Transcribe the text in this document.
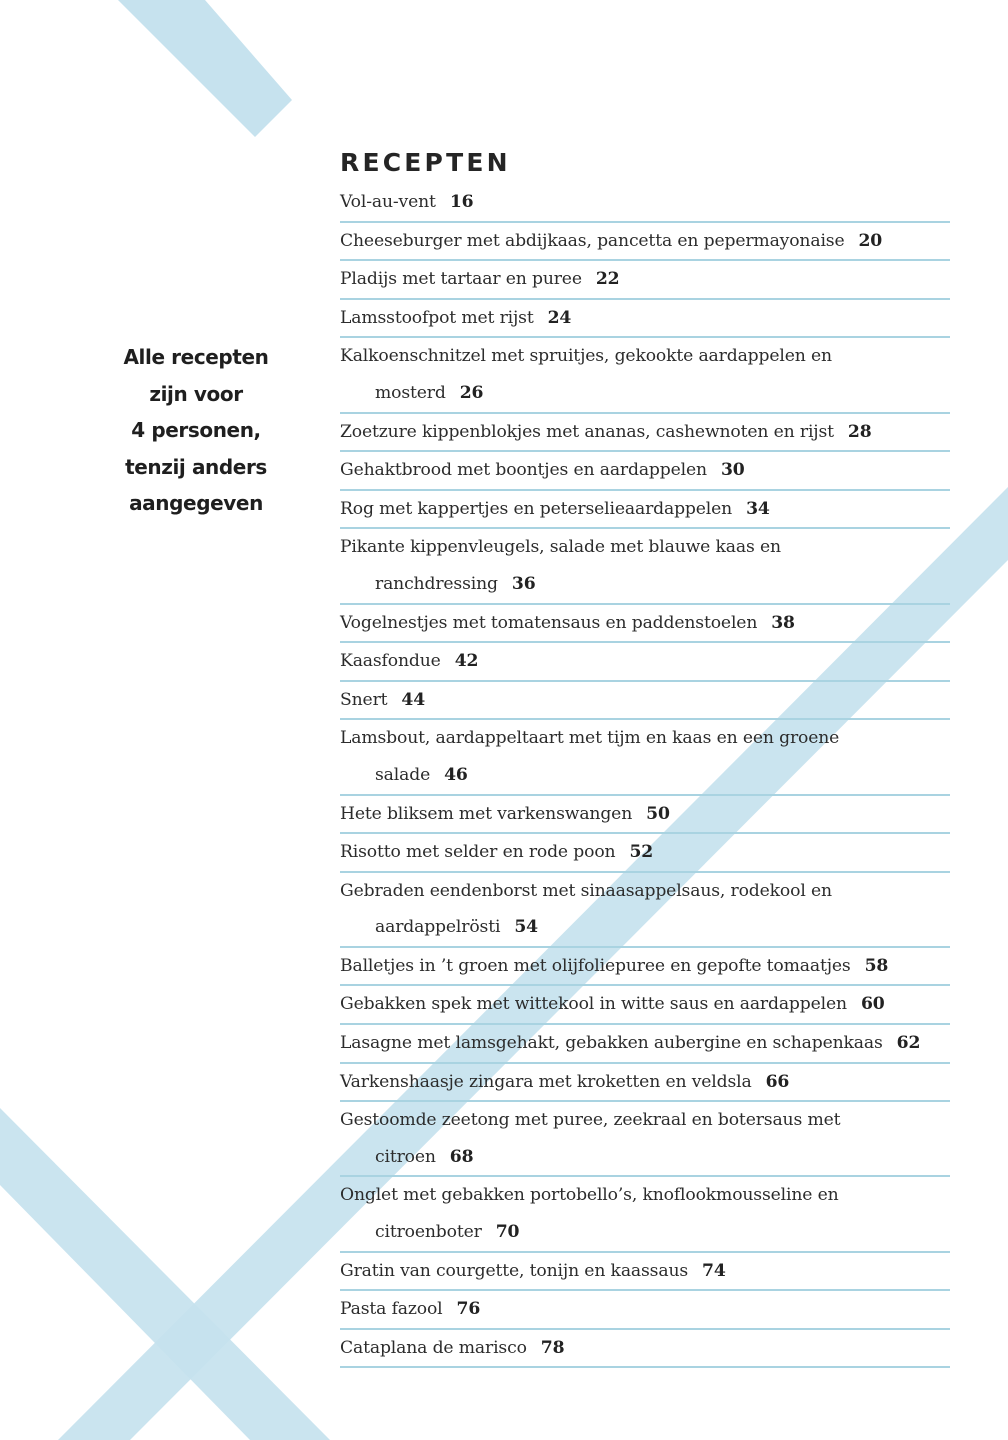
Alle recepten
zijn voor
4 personen,
tenzij anders
aangegeven
RECEPTEN
Vol-au-vent 16
Cheeseburger met abdijkaas, pancetta en pepermayonaise 20
Pladijs met tartaar en puree 22
Lamsstoofpot met rijst 24
Kalkoenschnitzel met spruitjes, gekookte aardappelen en
mosterd 26
Zoetzure kippenblokjes met ananas, cashewnoten en rijst 28
Gehaktbrood met boontjes en aardappelen 30
Rog met kappertjes en peterselieaardappelen 34
Pikante kippenvleugels, salade met blauwe kaas en
ranchdressing 36
Vogelnestjes met tomatensaus en paddenstoelen 38
Kaasfondue 42
Snert 44
Lamsbout, aardappeltaart met tijm en kaas en een groene
salade 46
Hete bliksem met varkenswangen 50
Risotto met selder en rode poon 52
Gebraden eendenborst met sinaasappelsaus, rodekool en
aardappelrösti 54
Balletjes in ’t groen met olijfoliepuree en gepofte tomaatjes 58
Gebakken spek met wittekool in witte saus en aardappelen 60
Lasagne met lamsgehakt, gebakken aubergine en schapenkaas 62
Varkenshaasje zingara met kroketten en veldsla 66
Gestoomde zeetong met puree, zeekraal en botersaus met
citroen 68
Onglet met gebakken portobello’s, knoflookmousseline en
citroenboter 70
Gratin van courgette, tonijn en kaassaus 74
Pasta fazool 76
Cataplana de marisco 78
